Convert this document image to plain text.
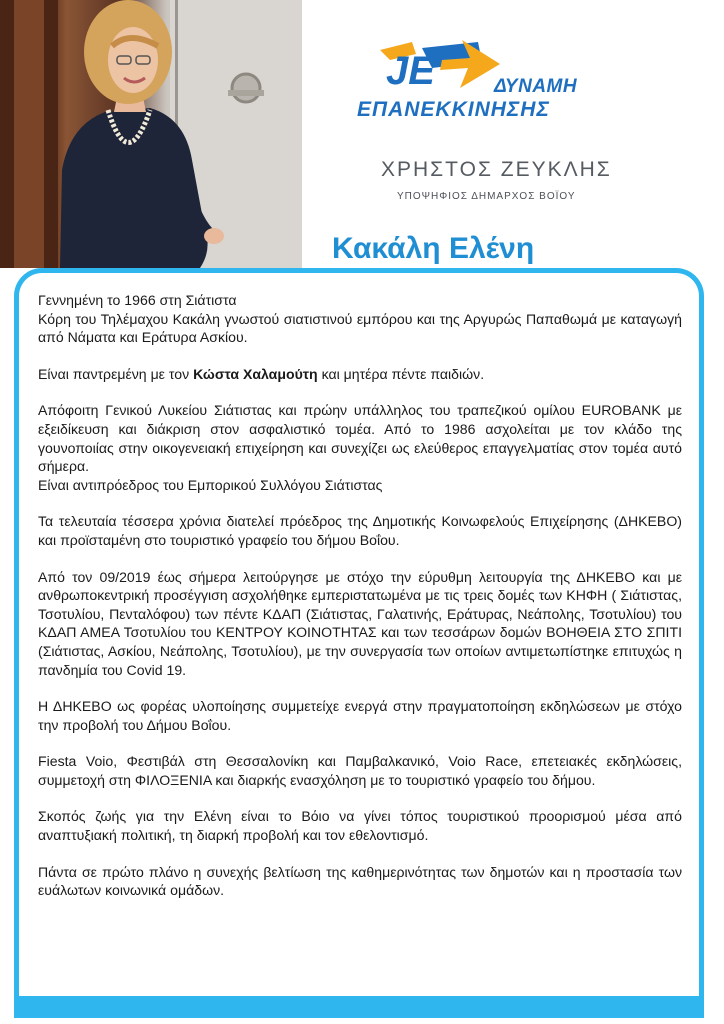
JE	ΔΥΝΑΜΗ
ΕΠΑΝΕΚΚΙΝΗΣΗΣ
ΧΡΗΣΤΟΣ ΖΕΥΚΛΗΣ
ΥΠΟΨΗΦΙΟΣ ΔΗΜΑΡΧΟΣ ΒΟΪΟΥ
Κακάλη Ελένη

Γεννημένη το 1966 στη Σιάτιστα
Κόρη του Τηλέμαχου Κακάλη γνωστού σιατιστινού εμπόρου και της Αργυρώς Παπαθωμά με καταγωγή από Νάματα και Εράτυρα Ασκίου.

Είναι παντρεμένη με τον Κώστα Χαλαμούτη και μητέρα πέντε παιδιών.

Απόφοιτη Γενικού Λυκείου Σιάτιστας και πρώην υπάλληλος του τραπεζικού ομίλου EUROBANK με εξειδίκευση και διάκριση στον ασφαλιστικό τομέα. Από το 1986 ασχολείται με τον κλάδο της γουνοποιίας στην οικογενειακή επιχείρηση και συνεχίζει ως ελεύθερος επαγγελματίας στον τομέα αυτό σήμερα.
Είναι αντιπρόεδρος του Εμπορικού Συλλόγου Σιάτιστας

Τα τελευταία τέσσερα χρόνια διατελεί πρόεδρος της Δημοτικής Κοινωφελούς Επιχείρησης (ΔΗΚΕΒΟ) και προϊσταμένη στο τουριστικό γραφείο του δήμου Βοΐου.

Από τον 09/2019 έως σήμερα λειτούργησε με στόχο την εύρυθμη λειτουργία της ΔΗΚΕΒΟ και με ανθρωποκεντρική προσέγγιση ασχολήθηκε εμπεριστατωμένα με τις τρεις δομές των ΚΗΦΗ ( Σιάτιστας, Τσοτυλίου, Πενταλόφου) των πέντε ΚΔΑΠ (Σιάτιστας, Γαλατινής, Εράτυρας, Νεάπολης, Τσοτυλίου) του ΚΔΑΠ ΑΜΕΑ Τσοτυλίου του ΚΕΝΤΡΟΥ ΚΟΙΝΟΤΗΤΑΣ και των τεσσάρων δομών ΒΟΗΘΕΙΑ ΣΤΟ ΣΠΙΤΙ (Σιάτιστας, Ασκίου, Νεάπολης, Τσοτυλίου), με την συνεργασία των οποίων αντιμετωπίστηκε επιτυχώς η πανδημία του Covid 19.

Η ΔΗΚΕΒΟ ως φορέας υλοποίησης συμμετείχε ενεργά στην πραγματοποίηση εκδηλώσεων με στόχο την προβολή του Δήμου Βοΐου.

Fiesta Voio, Φεστιβάλ στη Θεσσαλονίκη και Παμβαλκανικό, Voio Race, επετειακές εκδηλώσεις, συμμετοχή στη ΦΙΛΟΞΕΝΙΑ και διαρκής ενασχόληση με το τουριστικό γραφείο του δήμου.

Σκοπός ζωής για την Ελένη είναι το Βόιο να γίνει τόπος τουριστικού προορισμού μέσα από αναπτυξιακή πολιτική, τη διαρκή προβολή και τον εθελοντισμό.

Πάντα σε πρώτο πλάνο η συνεχής βελτίωση της καθημερινότητας των δημοτών και η προστασία των ευάλωτων κοινωνικά ομάδων.
